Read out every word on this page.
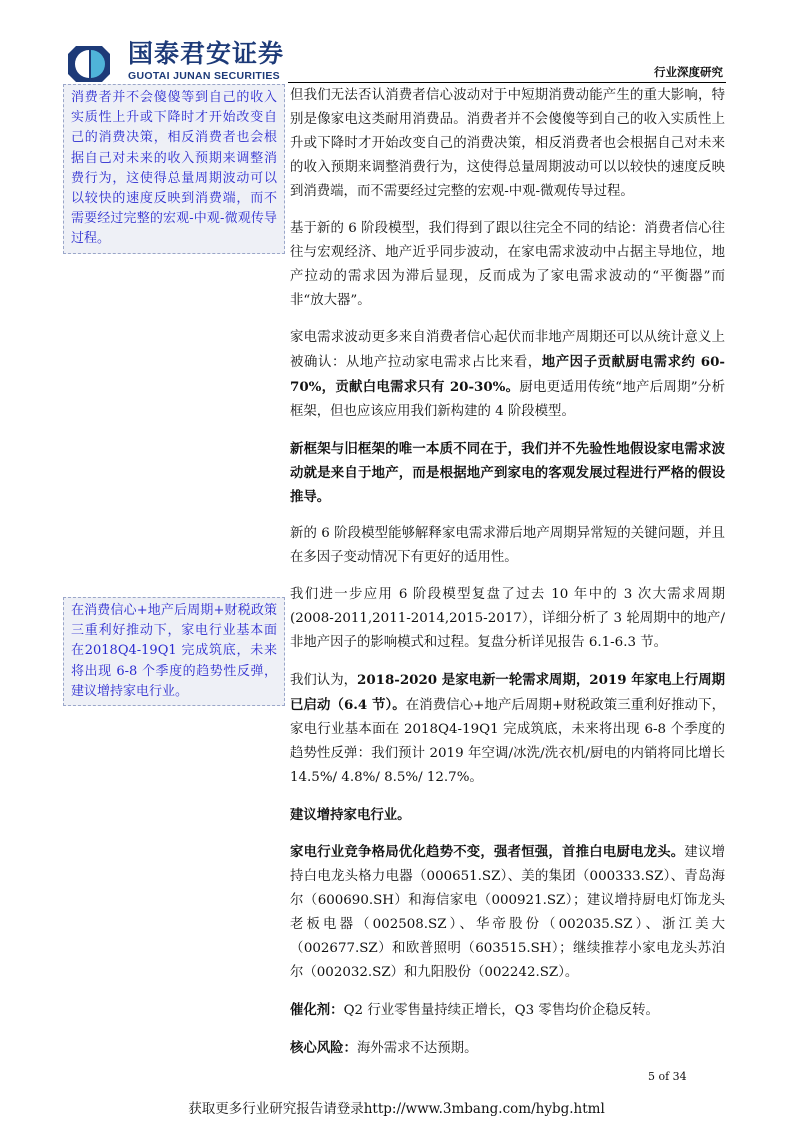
国泰君安证券
GUOTAI JUNAN SECURITIES	行业深度研究
消费者并不会傻傻等到自己的收入实质性上升或下降时才开始改变自己的消费决策，相反消费者也会根据自己对未来的收入预期来调整消费行为，这使得总量周期波动可以以较快的速度反映到消费端，而不需要经过完整的宏观-中观-微观传导过程。
在消费信心+地产后周期+财税政策三重利好推动下，家电行业基本面在2018Q4-19Q1 完成筑底，未来将出现 6-8 个季度的趋势性反弹，建议增持家电行业。

但我们无法否认消费者信心波动对于中短期消费动能产生的重大影响，特别是像家电这类耐用消费品。消费者并不会傻傻等到自己的收入实质性上升或下降时才开始改变自己的消费决策，相反消费者也会根据自己对未来的收入预期来调整消费行为，这使得总量周期波动可以以较快的速度反映到消费端，而不需要经过完整的宏观-中观-微观传导过程。

基于新的 6 阶段模型，我们得到了跟以往完全不同的结论：消费者信心往往与宏观经济、地产近乎同步波动，在家电需求波动中占据主导地位，地产拉动的需求因为滞后显现，反而成为了家电需求波动的“平衡器”而非“放大器”。

家电需求波动更多来自消费者信心起伏而非地产周期还可以从统计意义上被确认：从地产拉动家电需求占比来看，地产因子贡献厨电需求约 60-70%，贡献白电需求只有 20-30%。厨电更适用传统“地产后周期”分析框架，但也应该应用我们新构建的 4 阶段模型。

新框架与旧框架的唯一本质不同在于，我们并不先验性地假设家电需求波动就是来自于地产，而是根据地产到家电的客观发展过程进行严格的假设推导。

新的 6 阶段模型能够解释家电需求滞后地产周期异常短的关键问题，并且在多因子变动情况下有更好的适用性。

我们进一步应用 6 阶段模型复盘了过去 10 年中的 3 次大需求周期(2008-2011,2011-2014,2015-2017），详细分析了 3 轮周期中的地产/非地产因子的影响模式和过程。复盘分析详见报告 6.1-6.3 节。

我们认为，2018-2020 是家电新一轮需求周期，2019 年家电上行周期已启动（6.4 节）。在消费信心+地产后周期+财税政策三重利好推动下，家电行业基本面在 2018Q4-19Q1 完成筑底，未来将出现 6-8 个季度的趋势性反弹：我们预计 2019 年空调/冰洗/洗衣机/厨电的内销将同比增长 14.5%/ 4.8%/ 8.5%/ 12.7%。

建议增持家电行业。

家电行业竞争格局优化趋势不变，强者恒强，首推白电厨电龙头。建议增持白电龙头格力电器（000651.SZ）、美的集团（000333.SZ）、青岛海尔（600690.SH）和海信家电（000921.SZ）；建议增持厨电灯饰龙头老板电器（002508.SZ）、华帝股份（002035.SZ）、浙江美大（002677.SZ）和欧普照明（603515.SH）；继续推荐小家电龙头苏泊尔（002032.SZ）和九阳股份（002242.SZ）。

催化剂：Q2 行业零售量持续正增长，Q3 零售均价企稳反转。

核心风险：海外需求不达预期。

5 of 34
获取更多行业研究报告请登录http://www.3mbang.com/hybg.html
